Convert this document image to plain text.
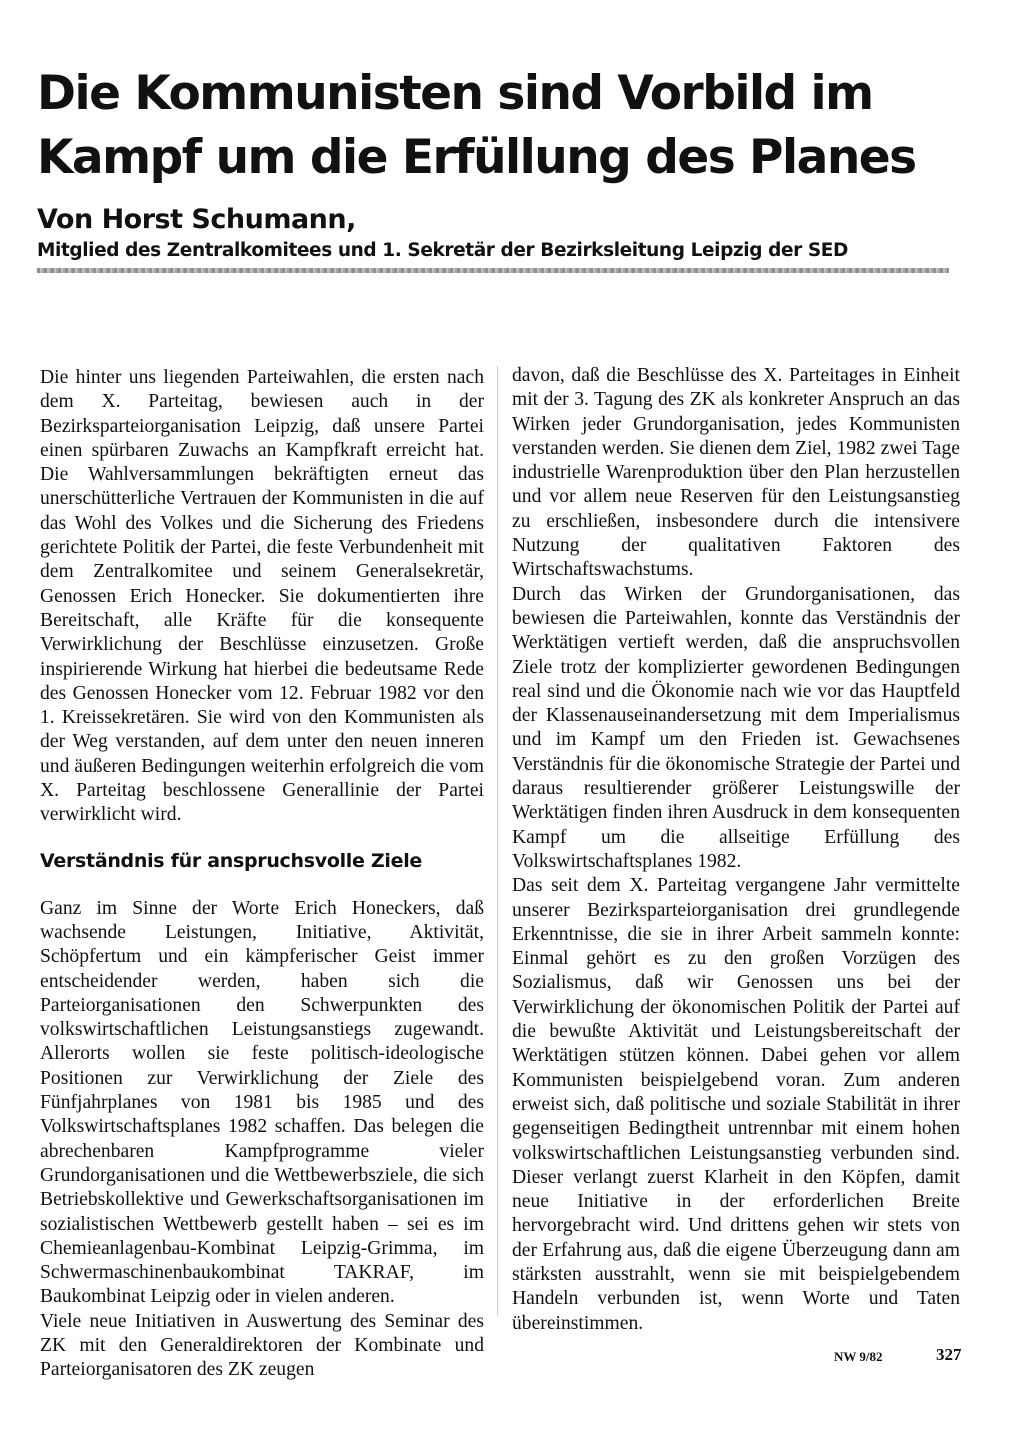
Die Kommunisten sind Vorbild im
Kampf um die Erfüllung des Planes
Von Horst Schumann,
Mitglied des Zentralkomitees und 1. Sekretär der Bezirksleitung Leipzig der SED

Die hinter uns liegenden Parteiwahlen, die ersten nach dem X. Parteitag, bewiesen auch in der Bezirksparteiorganisation Leipzig, daß unsere Partei einen spürbaren Zuwachs an Kampfkraft erreicht hat. Die Wahlversammlungen bekräftigten erneut das unerschütterliche Vertrauen der Kommunisten in die auf das Wohl des Volkes und die Sicherung des Friedens gerichtete Politik der Partei, die feste Verbundenheit mit dem Zentralkomitee und seinem Generalsekretär, Genossen Erich Honecker. Sie dokumentierten ihre Bereitschaft, alle Kräfte für die konsequente Verwirklichung der Beschlüsse einzusetzen. Große inspirierende Wirkung hat hierbei die bedeutsame Rede des Genossen Honecker vom 12. Februar 1982 vor den 1. Kreissekretären. Sie wird von den Kommunisten als der Weg verstanden, auf dem unter den neuen inneren und äußeren Bedingungen weiterhin erfolgreich die vom X. Parteitag beschlossene Generallinie der Partei verwirklicht wird.

Verständnis für anspruchsvolle Ziele

Ganz im Sinne der Worte Erich Honeckers, daß wachsende Leistungen, Initiative, Aktivität, Schöpfertum und ein kämpferischer Geist immer entscheidender werden, haben sich die Parteiorganisationen den Schwerpunkten des volkswirtschaftlichen Leistungsanstiegs zugewandt. Allerorts wollen sie feste politisch-ideologische Positionen zur Verwirklichung der Ziele des Fünfjahrplanes von 1981 bis 1985 und des Volkswirtschaftsplanes 1982 schaffen. Das belegen die abrechenbaren Kampfprogramme vieler Grundorganisationen und die Wettbewerbsziele, die sich Betriebskollektive und Gewerkschaftsorganisationen im sozialistischen Wettbewerb gestellt haben – sei es im Chemieanlagenbau-Kombinat Leipzig-Grimma, im Schwermaschinenbaukombinat TAKRAF, im Baukombinat Leipzig oder in vielen anderen.

Viele neue Initiativen in Auswertung des Seminar des ZK mit den Generaldirektoren der Kombinate und Parteiorganisatoren des ZK zeugen

davon, daß die Beschlüsse des X. Parteitages in Einheit mit der 3. Tagung des ZK als konkreter Anspruch an das Wirken jeder Grundorganisation, jedes Kommunisten verstanden werden. Sie dienen dem Ziel, 1982 zwei Tage industrielle Warenproduktion über den Plan herzustellen und vor allem neue Reserven für den Leistungsanstieg zu erschließen, insbesondere durch die intensivere Nutzung der qualitativen Faktoren des Wirtschaftswachstums.

Durch das Wirken der Grundorganisationen, das bewiesen die Parteiwahlen, konnte das Verständnis der Werktätigen vertieft werden, daß die anspruchsvollen Ziele trotz der komplizierter gewordenen Bedingungen real sind und die Ökonomie nach wie vor das Hauptfeld der Klassenauseinandersetzung mit dem Imperialismus und im Kampf um den Frieden ist. Gewachsenes Verständnis für die ökonomische Strategie der Partei und daraus resultierender größerer Leistungswille der Werktätigen finden ihren Ausdruck in dem konsequenten Kampf um die allseitige Erfüllung des Volkswirtschaftsplanes 1982.

Das seit dem X. Parteitag vergangene Jahr vermittelte unserer Bezirksparteiorganisation drei grundlegende Erkenntnisse, die sie in ihrer Arbeit sammeln konnte: Einmal gehört es zu den großen Vorzügen des Sozialismus, daß wir Genossen uns bei der Verwirklichung der ökonomischen Politik der Partei auf die bewußte Aktivität und Leistungsbereitschaft der Werktätigen stützen können. Dabei gehen vor allem Kommunisten beispielgebend voran. Zum anderen erweist sich, daß politische und soziale Stabilität in ihrer gegenseitigen Bedingtheit untrennbar mit einem hohen volkswirtschaftlichen Leistungsanstieg verbunden sind. Dieser verlangt zuerst Klarheit in den Köpfen, damit neue Initiative in der erforderlichen Breite hervorgebracht wird. Und drittens gehen wir stets von der Erfahrung aus, daß die eigene Überzeugung dann am stärksten ausstrahlt, wenn sie mit beispielgebendem Handeln verbunden ist, wenn Worte und Taten übereinstimmen.

NW 9/82	327
